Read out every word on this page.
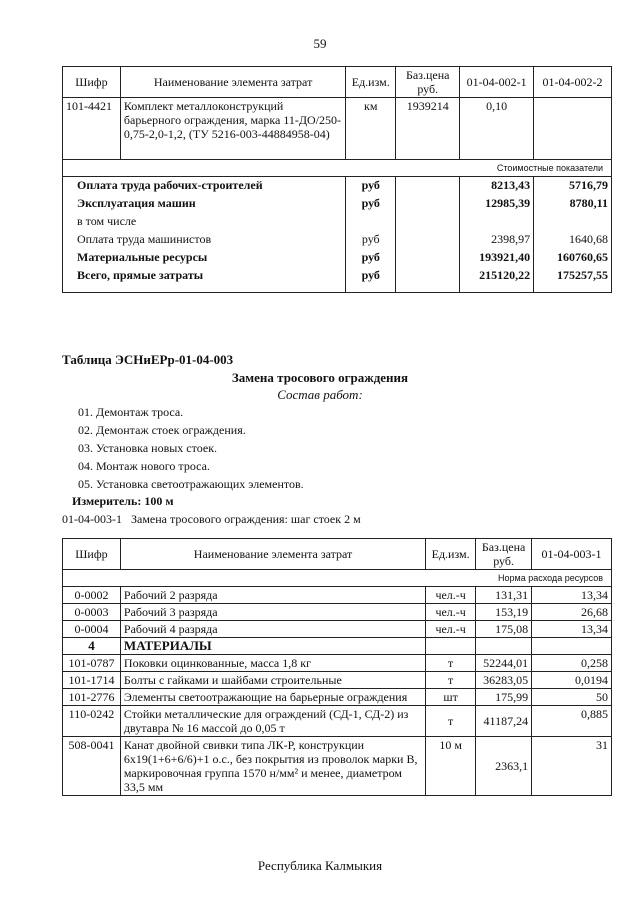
59
Шифр	Наименование элемента затрат	Ед.изм.	Баз.цена руб.	01-04-002-1	01-04-002-2
101-4421	Комплект металлоконструкций барьерного ограждения, марка 11-ДО/250-0,75-2,0-1,2, (ТУ 5216-003-44884958-04)	км	1939214	0,10	
Стоимостные показатели					
Оплата труда рабочих-строителей		руб		8213,43	5716,79
Эксплуатация машин		руб		12985,39	8780,11
в том числе					
Оплата труда машинистов		руб		2398,97	1640,68
Материальные ресурсы		руб		193921,40	160760,65
Всего, прямые затраты		руб		215120,22	175257,55
Таблица ЭСНиЕРр-01-04-003
Замена тросового ограждения
Состав работ:
01. Демонтаж троса.
02. Демонтаж стоек ограждения.
03. Установка новых стоек.
04. Монтаж нового троса.
05. Установка светоотражающих элементов.
Измеритель: 100 м
01-04-003-1   Замена тросового ограждения: шаг стоек 2 м
Шифр	Наименование элемента затрат	Ед.изм.	Баз.цена руб.	01-04-003-1
Норма расхода ресурсов				
0-0002	Рабочий 2 разряда	чел.-ч	131,31	13,34
0-0003	Рабочий 3 разряда	чел.-ч	153,19	26,68
0-0004	Рабочий 4 разряда	чел.-ч	175,08	13,34
4	МАТЕРИАЛЫ			
101-0787	Поковки оцинкованные, масса 1,8 кг	т	52244,01	0,258
101-1714	Болты с гайками и шайбами строительные	т	36283,05	0,0194
101-2776	Элементы светоотражающие на барьерные ограждения	шт	175,99	50
110-0242	Стойки металлические для ограждений (СД-1, СД-2) из двутавра № 16 массой до 0,05 т	т	41187,24	0,885
508-0041	Канат двойной свивки типа ЛК-Р, конструкции 6х19(1+6+6/6)+1 о.с., без покрытия из проволок марки В, маркировочная группа 1570 н/мм² и менее, диаметром 33,5 мм	10 м	2363,1	31
Республика Калмыкия
